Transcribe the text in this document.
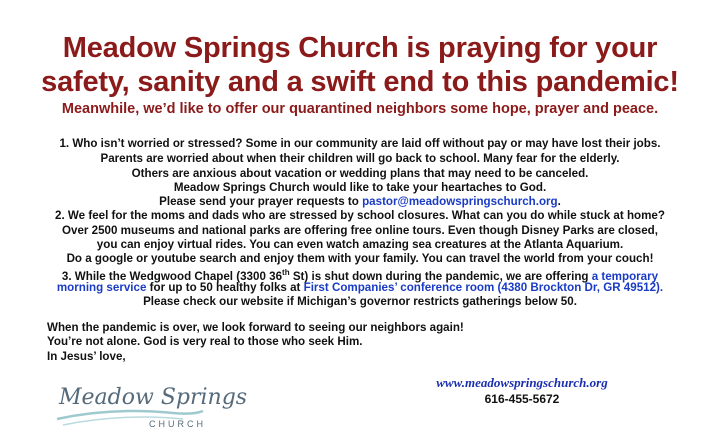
Meadow Springs Church is praying for your
safety, sanity and a swift end to this pandemic!
Meanwhile, we’d like to offer our quarantined neighbors some hope, prayer and peace.
1. Who isn’t worried or stressed? Some in our community are laid off without pay or may have lost their jobs.
Parents are worried about when their children will go back to school. Many fear for the elderly.
Others are anxious about vacation or wedding plans that may need to be canceled.
Meadow Springs Church would like to take your heartaches to God.
Please send your prayer requests to pastor@meadowspringschurch.org.
2. We feel for the moms and dads who are stressed by school closures. What can you do while stuck at home?
Over 2500 museums and national parks are offering free online tours. Even though Disney Parks are closed,
you can enjoy virtual rides. You can even watch amazing sea creatures at the Atlanta Aquarium.
Do a google or youtube search and enjoy them with your family. You can travel the world from your couch!
3. While the Wedgwood Chapel (3300 36th St) is shut down during the pandemic, we are offering a temporary
morning service for up to 50 healthy folks at First Companies’ conference room (4380 Brockton Dr, GR 49512).
Please check our website if Michigan’s governor restricts gatherings below 50.
When the pandemic is over, we look forward to seeing our neighbors again!
You’re not alone. God is very real to those who seek Him.
In Jesus’ love,
Meadow Springs
CHURCH
www.meadowspringschurch.org
616-455-5672
